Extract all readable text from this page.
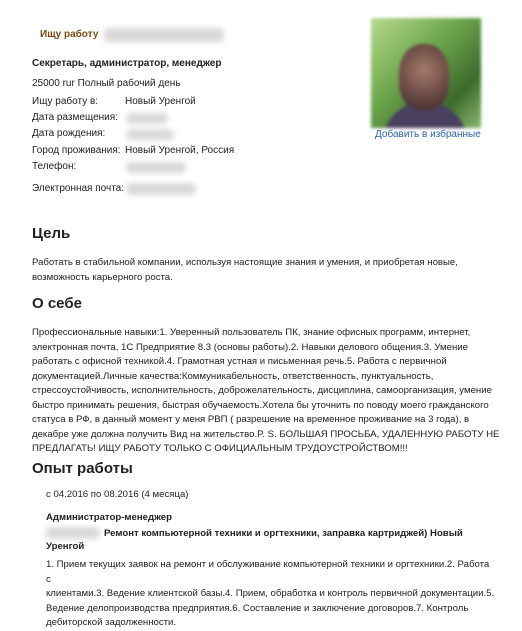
Ищу работу
Секретарь, администратор, менеджер
25000 rur Полный рабочий день
Ищу работу в:	Новый Уренгой
Дата размещения:
Дата рождения:
Город проживания: Новый Уренгой, Россия
Телефон:
Электронная почта:
Добавить в избранные
Цель
Работать в стабильной компании, используя настоящие знания и умения, и приобретая новые,
возможность карьерного роста.
О себе
Профессиональные навыки:1. Уверенный пользователь ПК, знание офисных программ, интернет,
электронная почта, 1С Предприятие 8.3 (основы работы).2. Навыки делового общения.3. Умение
работать с офисной техникой.4. Грамотная устная и письменная речь.5. Работа с первичной
документацией.Личные качества:Коммуникабельность, ответственность, пунктуальность,
стрессоустойчивость, исполнительность, доброжелательность, дисциплина, самоорганизация, умение
быстро принимать решения, быстрая обучаемость.Хотела бы уточнить по поводу моего гражданского
статуса в РФ, в данный момент у меня РВП ( разрешение на временное проживание на 3 года), в
декабре уже должна получить Вид на жительство.P. S. БОЛЬШАЯ ПРОСЬБА, УДАЛЕННУЮ РАБОТУ НЕ
ПРЕДЛАГАТЬ! ИЩУ РАБОТУ ТОЛЬКО С ОФИЦИАЛЬНЫМ ТРУДОУСТРОЙСТВОМ!!!
Опыт работы
с 04.2016 по 08.2016 (4 месяца)
Администратор-менеджер
Ремонт компьютерной техники и оргтехники, заправка картриджей) Новый Уренгой
1. Прием текущих заявок на ремонт и обслуживание компьютерной техники и оргтехники.2. Работа с
клиентами.3. Ведение клиентской базы.4. Прием, обработка и контроль первичной документации.5.
Ведение делопроизводства предприятия.6. Составление и заключение договоров.7. Контроль
дебиторской задолженности.
